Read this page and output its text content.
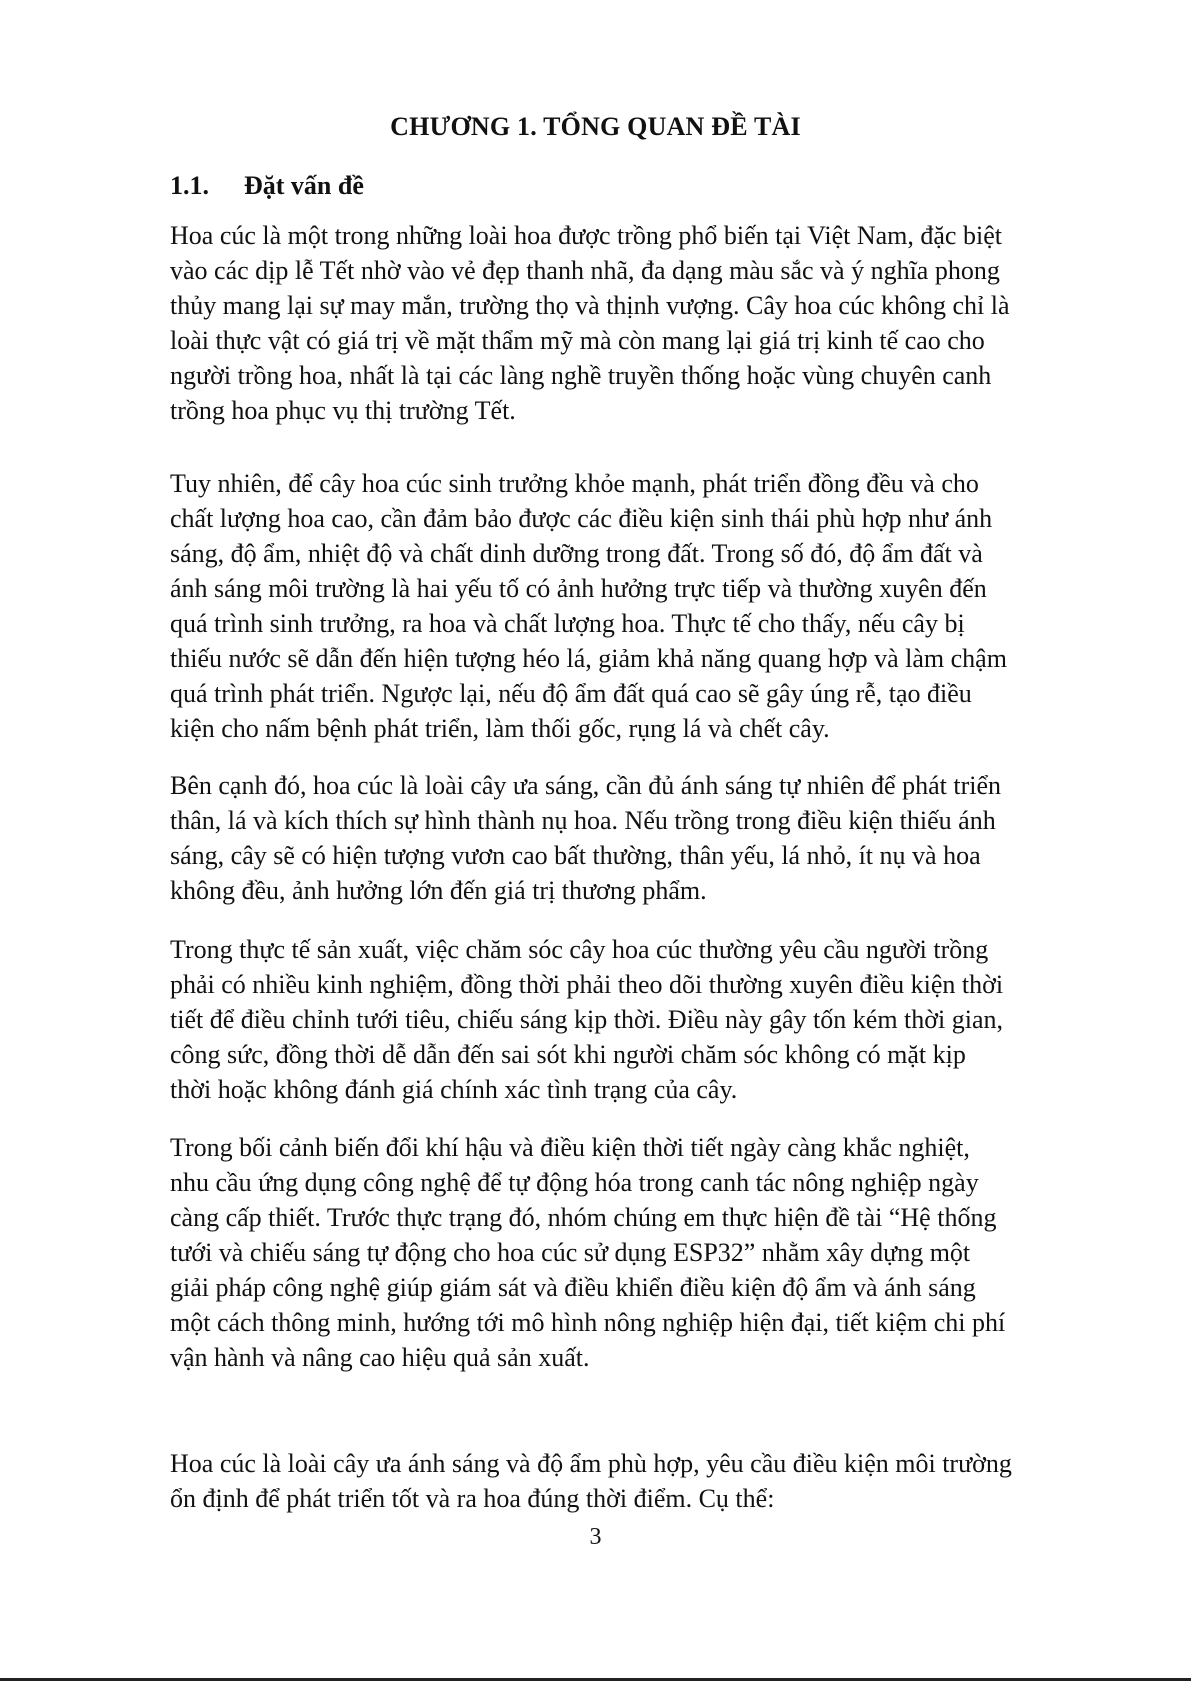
CHƯƠNG 1. TỔNG QUAN ĐỀ TÀI
1.1. Đặt vấn đề

Hoa cúc là một trong những loài hoa được trồng phổ biến tại Việt Nam, đặc biệt
vào các dịp lễ Tết nhờ vào vẻ đẹp thanh nhã, đa dạng màu sắc và ý nghĩa phong
thủy mang lại sự may mắn, trường thọ và thịnh vượng. Cây hoa cúc không chỉ là
loài thực vật có giá trị về mặt thẩm mỹ mà còn mang lại giá trị kinh tế cao cho
người trồng hoa, nhất là tại các làng nghề truyền thống hoặc vùng chuyên canh
trồng hoa phục vụ thị trường Tết.

Tuy nhiên, để cây hoa cúc sinh trưởng khỏe mạnh, phát triển đồng đều và cho
chất lượng hoa cao, cần đảm bảo được các điều kiện sinh thái phù hợp như ánh
sáng, độ ẩm, nhiệt độ và chất dinh dưỡng trong đất. Trong số đó, độ ẩm đất và
ánh sáng môi trường là hai yếu tố có ảnh hưởng trực tiếp và thường xuyên đến
quá trình sinh trưởng, ra hoa và chất lượng hoa. Thực tế cho thấy, nếu cây bị
thiếu nước sẽ dẫn đến hiện tượng héo lá, giảm khả năng quang hợp và làm chậm
quá trình phát triển. Ngược lại, nếu độ ẩm đất quá cao sẽ gây úng rễ, tạo điều
kiện cho nấm bệnh phát triển, làm thối gốc, rụng lá và chết cây.

Bên cạnh đó, hoa cúc là loài cây ưa sáng, cần đủ ánh sáng tự nhiên để phát triển
thân, lá và kích thích sự hình thành nụ hoa. Nếu trồng trong điều kiện thiếu ánh
sáng, cây sẽ có hiện tượng vươn cao bất thường, thân yếu, lá nhỏ, ít nụ và hoa
không đều, ảnh hưởng lớn đến giá trị thương phẩm.

Trong thực tế sản xuất, việc chăm sóc cây hoa cúc thường yêu cầu người trồng
phải có nhiều kinh nghiệm, đồng thời phải theo dõi thường xuyên điều kiện thời
tiết để điều chỉnh tưới tiêu, chiếu sáng kịp thời. Điều này gây tốn kém thời gian,
công sức, đồng thời dễ dẫn đến sai sót khi người chăm sóc không có mặt kịp
thời hoặc không đánh giá chính xác tình trạng của cây.

Trong bối cảnh biến đổi khí hậu và điều kiện thời tiết ngày càng khắc nghiệt,
nhu cầu ứng dụng công nghệ để tự động hóa trong canh tác nông nghiệp ngày
càng cấp thiết. Trước thực trạng đó, nhóm chúng em thực hiện đề tài “Hệ thống
tưới và chiếu sáng tự động cho hoa cúc sử dụng ESP32” nhằm xây dựng một
giải pháp công nghệ giúp giám sát và điều khiển điều kiện độ ẩm và ánh sáng
một cách thông minh, hướng tới mô hình nông nghiệp hiện đại, tiết kiệm chi phí
vận hành và nâng cao hiệu quả sản xuất.

Hoa cúc là loài cây ưa ánh sáng và độ ẩm phù hợp, yêu cầu điều kiện môi trường
ổn định để phát triển tốt và ra hoa đúng thời điểm. Cụ thể:

3
